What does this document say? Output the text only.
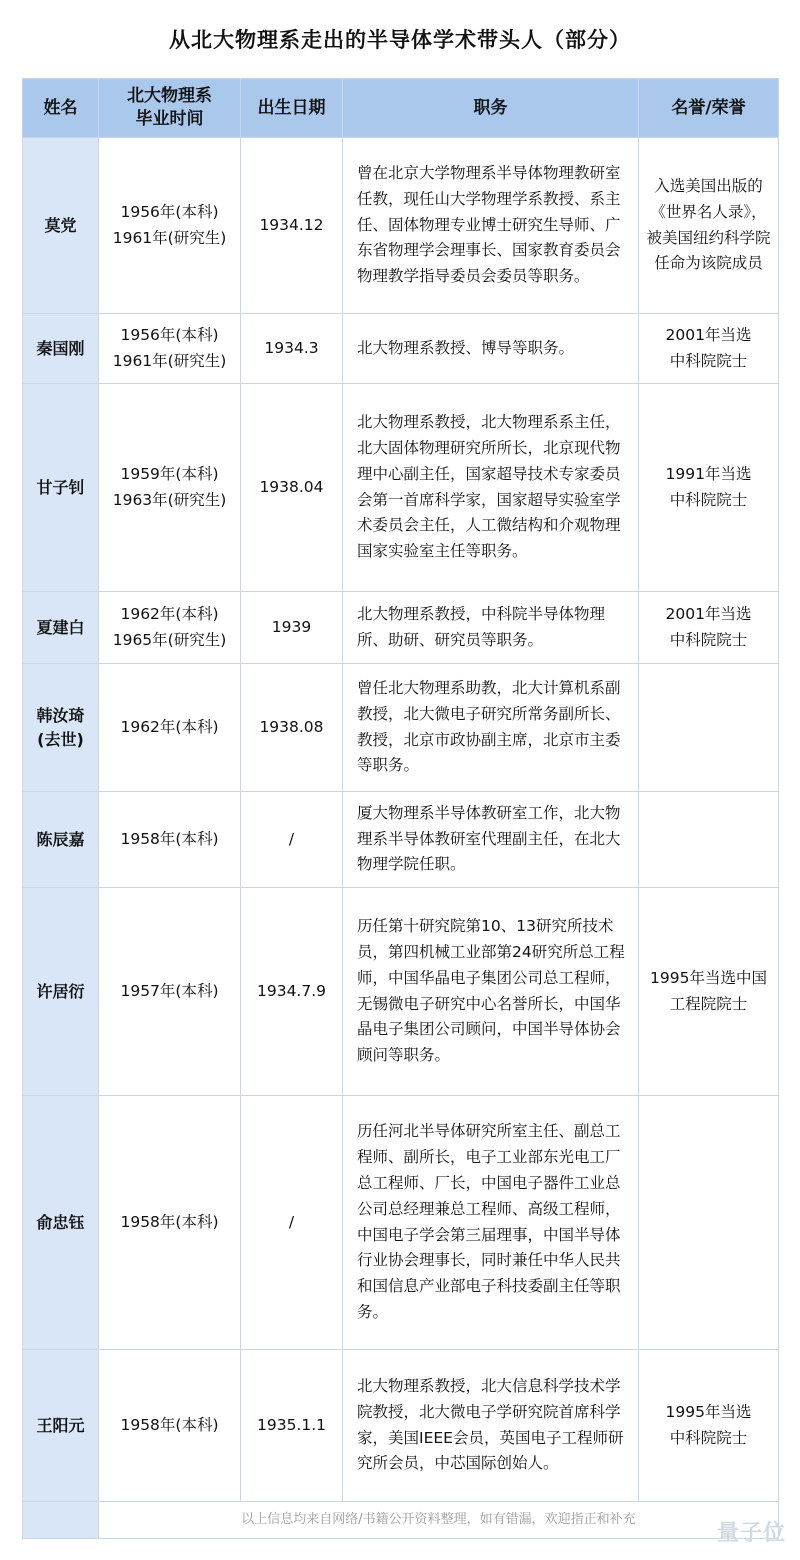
从北大物理系走出的半导体学术带头人（部分）
姓名	北大物理系
毕业时间	出生日期	职务	名誉/荣誉
莫党	1956年(本科)
1961年(研究生)	1934.12	曾在北京大学物理系半导体物理教研室任教，现任山大学物理学系教授、系主任、固体物理专业博士研究生导师、广东省物理学会理事长、国家教育委员会物理教学指导委员会委员等职务。	入选美国出版的《世界名人录》，被美国纽约科学院任命为该院成员
秦国刚	1956年(本科)
1961年(研究生)	1934.3	北大物理系教授、博导等职务。	2001年当选
中科院院士
甘子钊	1959年(本科)
1963年(研究生)	1938.04	北大物理系教授，北大物理系系主任，北大固体物理研究所所长，北京现代物理中心副主任，国家超导技术专家委员会第一首席科学家，国家超导实验室学术委员会主任，人工微结构和介观物理国家实验室主任等职务。	1991年当选
中科院院士
夏建白	1962年(本科)
1965年(研究生)	1939	北大物理系教授，中科院半导体物理所、助研、研究员等职务。	2001年当选
中科院院士
韩汝琦
(去世)	1962年(本科)	1938.08	曾任北大物理系助教，北大计算机系副教授，北大微电子研究所常务副所长、教授，北京市政协副主席，北京市主委等职务。	
陈辰嘉	1958年(本科)	/	厦大物理系半导体教研室工作，北大物理系半导体教研室代理副主任，在北大物理学院任职。	
许居衍	1957年(本科)	1934.7.9	历任第十研究院第10、13研究所技术员，第四机械工业部第24研究所总工程师，中国华晶电子集团公司总工程师，无锡微电子研究中心名誉所长，中国华晶电子集团公司顾问，中国半导体协会顾问等职务。	1995年当选中国工程院院士
俞忠钰	1958年(本科)	/	历任河北半导体研究所室主任、副总工程师、副所长，电子工业部东光电工厂总工程师、厂长，中国电子器件工业总公司总经理兼总工程师、高级工程师，中国电子学会第三届理事，中国半导体行业协会理事长，同时兼任中华人民共和国信息产业部电子科技委副主任等职务。	
王阳元	1958年(本科)	1935.1.1	北大物理系教授，北大信息科学技术学院教授，北大微电子学研究院首席科学家，美国IEEE会员，英国电子工程师研究所会员，中芯国际创始人。	1995年当选
中科院院士
	以上信息均来自网络/书籍公开资料整理，如有错漏，欢迎指正和补充			
量子位
